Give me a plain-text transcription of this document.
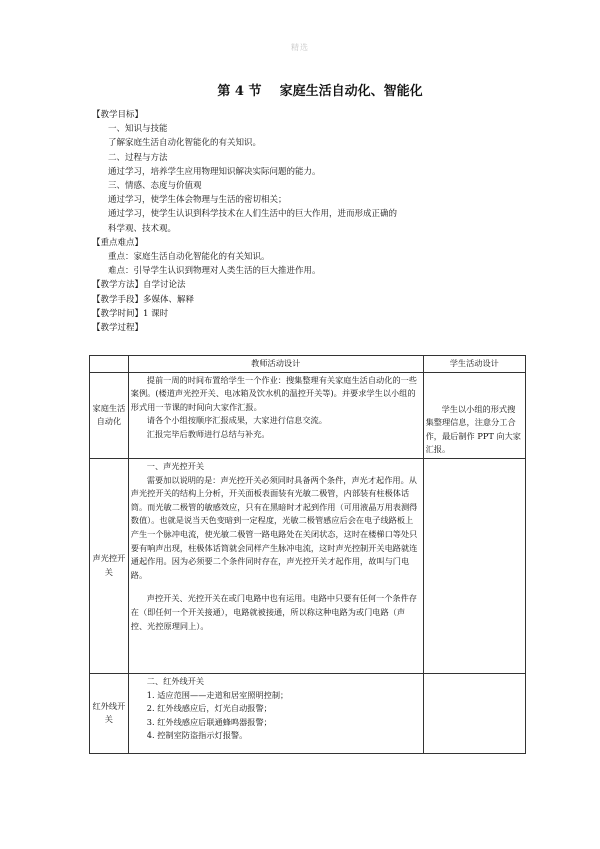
精选
第 4 节 家庭生活自动化、智能化
【教学目标】
一、知识与技能
了解家庭生活自动化智能化的有关知识。
二、过程与方法
通过学习，培养学生应用物理知识解决实际问题的能力。
三、情感、态度与价值观
通过学习，使学生体会物理与生活的密切相关；
通过学习，使学生认识到科学技术在人们生活中的巨大作用，进而形成正确的
科学观、技术观。
【重点难点】
重点：家庭生活自动化智能化的有关知识。
难点：引导学生认识到物理对人类生活的巨大推进作用。
【教学方法】自学讨论法
【教学手段】多媒体、解释
【教学时间】1 课时
【教学过程】
	教师活动设计	学生活动设计
家庭生活自动化	提前一周的时间布置给学生一个作业：搜集整理有关家庭生活自动化的一些案例。(楼道声光控开关、电冰箱及饮水机的温控开关等)。并要求学生以小组的形式用一节课的时间向大家作汇报。

请各个小组按顺序汇报成果，大家进行信息交流。

汇报完毕后教师进行总结与补充。	学生以小组的形式搜集整理信息，注意分工合作，最后制作 PPT 向大家汇报。

声光控开关	一、声光控开关

需要加以说明的是：声光控开关必须同时具备两个条件，声光才起作用。从声光控开关的结构上分析，开关面板表面装有光敏二极管，内部装有柱极体话筒。而光敏二极管的敏感效应，只有在黑暗时才起到作用（可用液晶万用表测得数值）。也就是说当天色变暗到一定程度，光敏二极管感应后会在电子线路板上产生一个脉冲电流，使光敏二极管一路电路处在关闭状态，这时在楼梯口等处只要有响声出现，柱极体话筒就会同样产生脉冲电流，这时声光控制开关电路就连通起作用。因为必须要二个条件同时存在，声光控开关才起作用，故叫与门电路。

声控开关、光控开关在或门电路中也有运用。电路中只要有任何一个条件存在（即任何一个开关接通），电路就被接通，所以称这种电路为或门电路（声控、光控原理同上）。	

红外线开关	二、红外线开关

1. 适应范围——走道和居室照明控制；

2. 红外线感应后，灯光自动报警；

3. 红外线感应后联通蜂鸣器报警；

4. 控制室防盗指示灯报警。	
